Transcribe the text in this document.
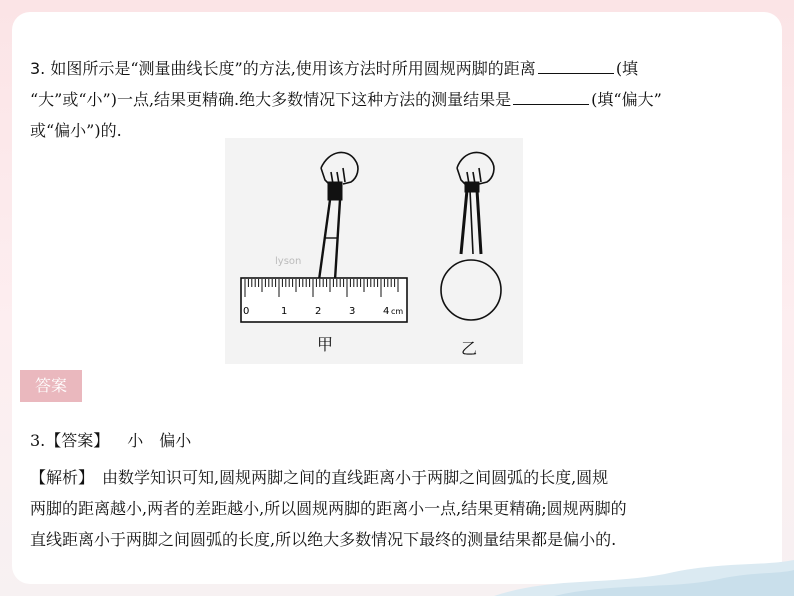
3. 如图所示是“测量曲线长度”的方法,使用该方法时所用圆规两脚的距离	(填
“大”或“小”)一点,结果更精确.绝大多数情况下这种方法的测量结果是	(填“偏大”
或“偏小”)的.
lyson
0	1	2	3	4 cm
甲	乙
答案
3.【答案】 小　偏小
【解析】　由数学知识可知,圆规两脚之间的直线距离小于两脚之间圆弧的长度,圆规
两脚的距离越小,两者的差距越小,所以圆规两脚的距离小一点,结果更精确;圆规两脚的
直线距离小于两脚之间圆弧的长度,所以绝大多数情况下最终的测量结果都是偏小的.
